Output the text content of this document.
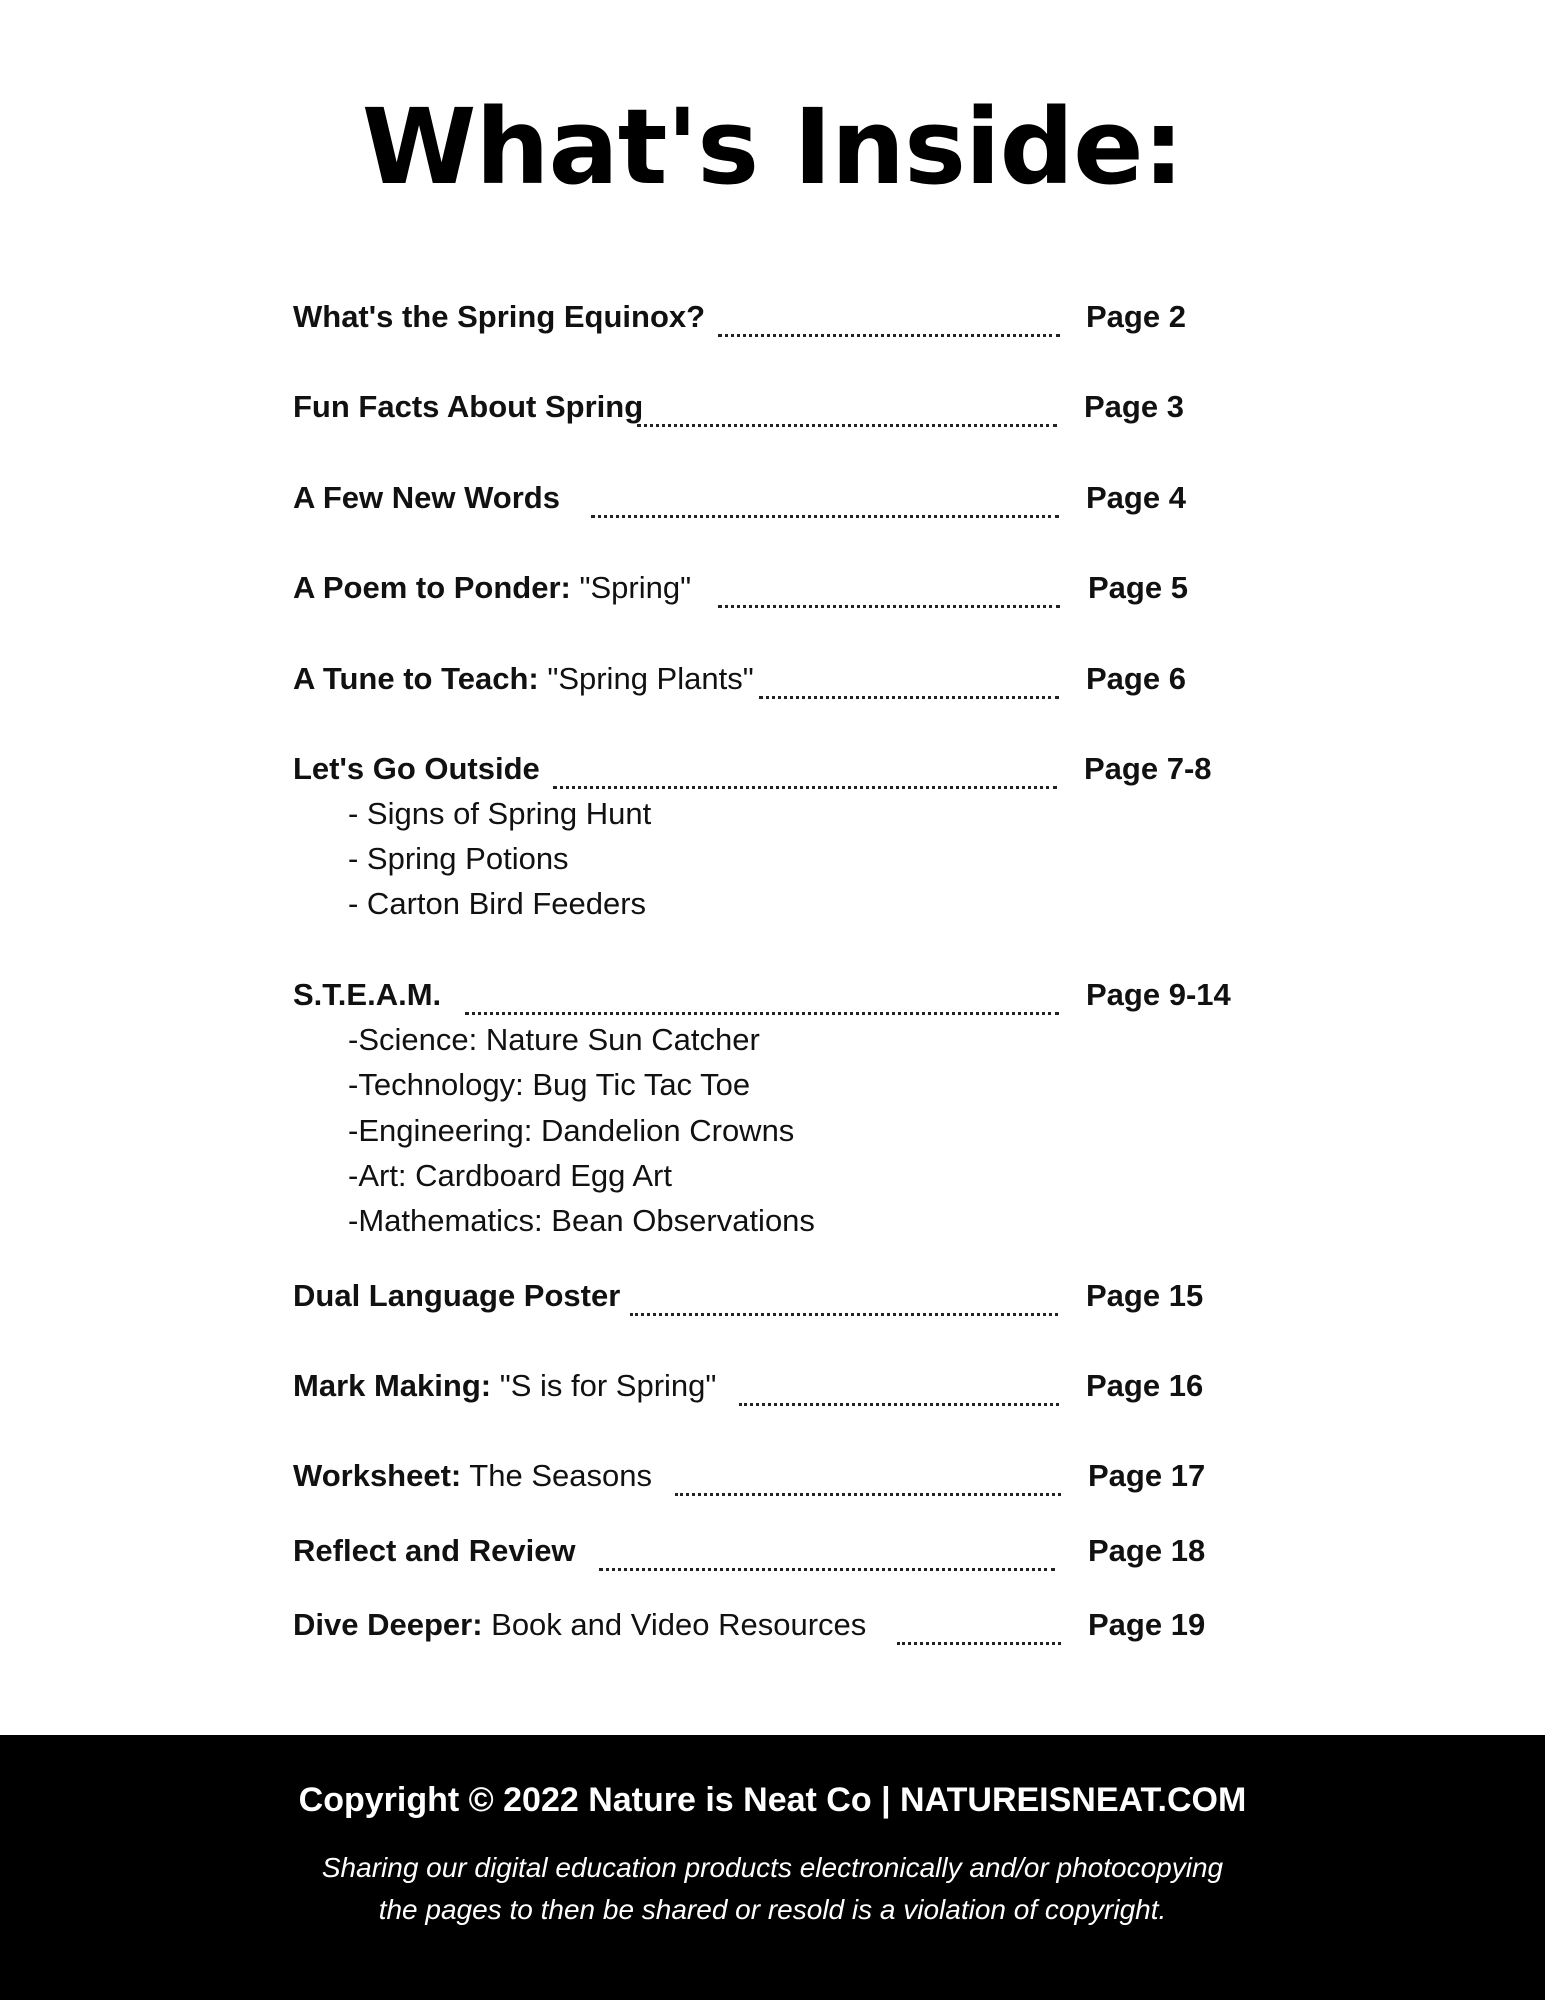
What's Inside:
What's the Spring Equinox?	Page 2
Fun Facts About Spring	Page 3
A Few New Words	Page 4
A Poem to Ponder: "Spring"	Page 5
A Tune to Teach: "Spring Plants"	Page 6
Let's Go Outside	Page 7-8
- Signs of Spring Hunt
- Spring Potions
- Carton Bird Feeders
S.T.E.A.M.	Page 9-14
-Science: Nature Sun Catcher
-Technology: Bug Tic Tac Toe
-Engineering: Dandelion Crowns
-Art: Cardboard Egg Art
-Mathematics: Bean Observations
Dual Language Poster	Page 15
Mark Making: "S is for Spring"	Page 16
Worksheet: The Seasons	Page 17
Reflect and Review	Page 18
Dive Deeper: Book and Video Resources	Page 19
Copyright © 2022 Nature is Neat Co | NATUREISNEAT.COM
Sharing our digital education products electronically and/or photocopying
the pages to then be shared or resold is a violation of copyright.
